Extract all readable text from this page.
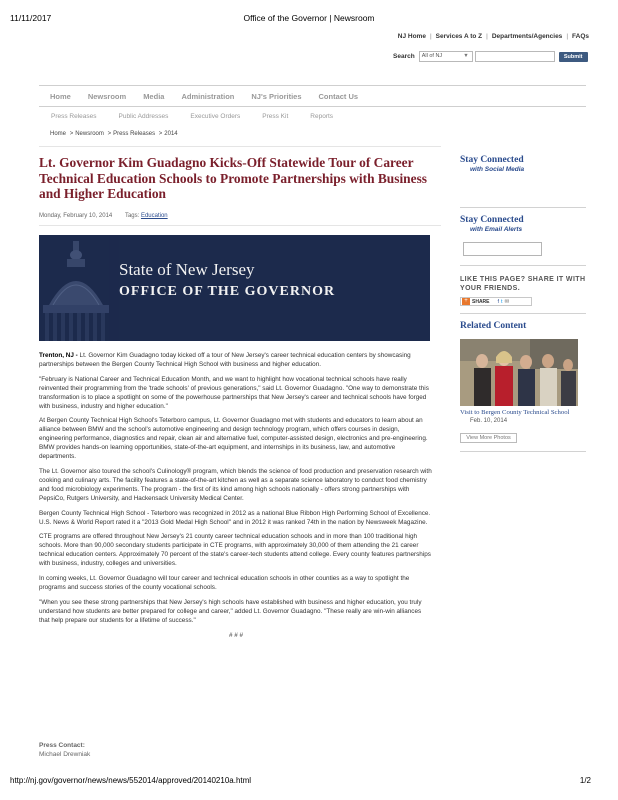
11/11/2017	Office of the Governor | Newsroom
NJ Home | Services A to Z | Departments/Agencies | FAQs
Search	All of NJ	▼	Submit
Home	Newsroom	Media	Administration	NJ's Priorities	Contact Us
Press Releases	Public Addresses	Executive Orders	Press Kit	Reports
Home > Newsroom > Press Releases > 2014
Lt. Governor Kim Guadagno Kicks-Off Statewide Tour of Career Technical Education Schools to Promote Partnerships with Business and Higher Education
Monday, February 10, 2014 Tags: Education
State of New Jersey
OFFICE OF THE GOVERNOR

Trenton, NJ - Lt. Governor Kim Guadagno today kicked off a tour of New Jersey's career technical education centers by showcasing partnerships between the Bergen County Technical High School with business and higher education.

"February is National Career and Technical Education Month, and we want to highlight how vocational technical schools have really reinvented their programming from the 'trade schools' of previous generations," said Lt. Governor Guadagno. "One way to demonstrate this transformation is to place a spotlight on some of the powerhouse partnerships that New Jersey's career and technical schools have forged with business, industry and higher education."

At Bergen County Technical High School's Teterboro campus, Lt. Governor Guadagno met with students and educators to learn about an alliance between BMW and the school's automotive engineering and design technology program, which offers courses in design, engineering performance, diagnostics and repair, clean air and alternative fuel, computer-assisted design, electronics and pre-engineering. BMW provides hands-on learning opportunities, state-of-the-art equipment, and internships in its business, law, and automotive departments.

The Lt. Governor also toured the school's Culinology® program, which blends the science of food production and preservation research with cooking and culinary arts. The facility features a state-of-the-art kitchen as well as a separate science laboratory to conduct food chemistry and food microbiology experiments. The program - the first of its kind among high schools nationally - offers strong partnerships with PepsiCo, Rutgers University, and Hackensack University Medical Center.

Bergen County Technical High School - Teterboro was recognized in 2012 as a national Blue Ribbon High Performing School of Excellence. U.S. News & World Report rated it a "2013 Gold Medal High School" and in 2012 it was ranked 74th in the nation by Newsweek Magazine.

CTE programs are offered throughout New Jersey's 21 county career technical education schools and in more than 100 traditional high schools. More than 90,000 secondary students participate in CTE programs, with approximately 30,000 of them attending the 21 career technical education centers. Approximately 70 percent of the state's career-tech students attend college. Every county features partnerships with business, industry, colleges and universities.

In coming weeks, Lt. Governor Guadagno will tour career and technical education schools in other counties as a way to spotlight the programs and success stories of the county vocational schools.

"When you see these strong partnerships that New Jersey's high schools have established with business and higher education, you truly understand how students are better prepared for college and career," added Lt. Governor Guadagno. "These really are win-win alliances that help prepare our students for a lifetime of success."

# # #
Press Contact:
Michael Drewniak
Stay Connected
with Social Media
Stay Connected
with Email Alerts
LIKE THIS PAGE? SHARE IT WITH YOUR FRIENDS.
+ SHARE f t ✉
Related Content
Visit to Bergen County Technical School
Feb. 10, 2014
View More Photos
http://nj.gov/governor/news/news/552014/approved/20140210a.html	1/2
